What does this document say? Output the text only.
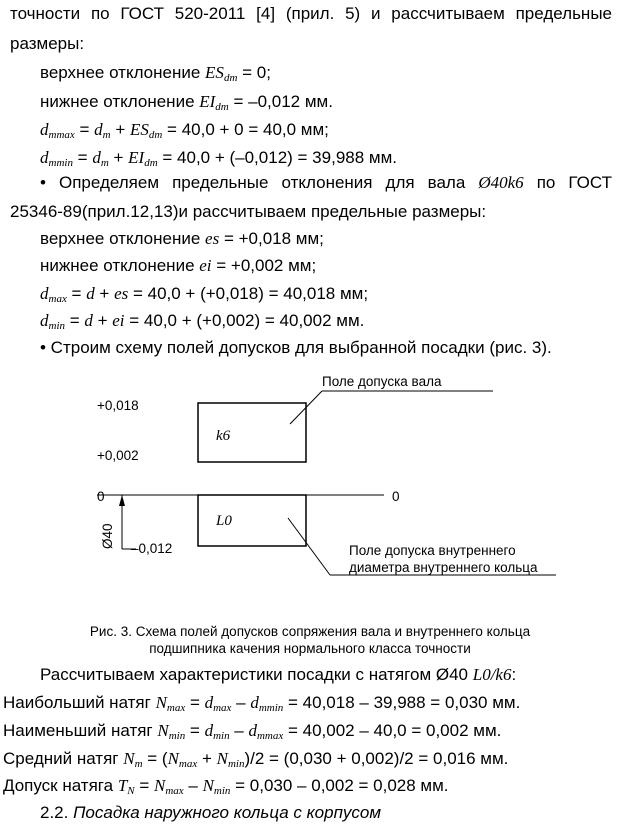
точности по ГОСТ 520-2011 [4] (прил. 5) и рассчитываем предельные
размеры:
верхнее отклонение $ES_{dm} = 0$;
нижнее отклонение $EI_{dm} = -0,012$ мм.
$d_{mmax} = d_m + ES_{dm} = 40,0 + 0 = 40,0$ мм;
$d_{mmin} = d_m + EI_{dm} = 40,0 + (-0,012) = 39,988$ мм.
• Определяем предельные отклонения для вала Ø40k6 по ГОСТ
25346-89(прил.12,13)и рассчитываем предельные размеры:
верхнее отклонение es = +0,018 мм;
нижнее отклонение ei = +0,002 мм;
$d_{max} = d$ + es = 40,0 + (+0,018) = 40,018 мм;
$d_{min} = d$ + ei = 40,0 + (+0,002) = 40,002 мм.
• Строим схему полей допусков для выбранной посадки (рис. 3).
Поле допуска вала
k6
+0,018
+0,002
0	0
L0
–0,012
Ø40
Поле допуска внутреннего
диаметра внутреннего кольца
Рис. 3. Схема полей допусков сопряжения вала и внутреннего кольца
подшипника качения нормального класса точности
Рассчитываем характеристики посадки с натягом Ø40 L0/k6:
Наибольший натяг $N_{max} = d_{max} - d_{mmin} = 40,018 - 39,988 = 0,030$ мм.
Наименьший натяг $N_{min} = d_{min} - d_{mmax} = 40,002 - 40,0 = 0,002$ мм.
Средний натяг $N_m = (N_{max} + N_{min})/2 = (0,030 + 0,002)/2 = 0,016$ мм.
Допуск натяга $T_N = N_{max} - N_{min} = 0,030 - 0,002 = 0,028$ мм.
2.2. Посадка наружного кольца с корпусом
